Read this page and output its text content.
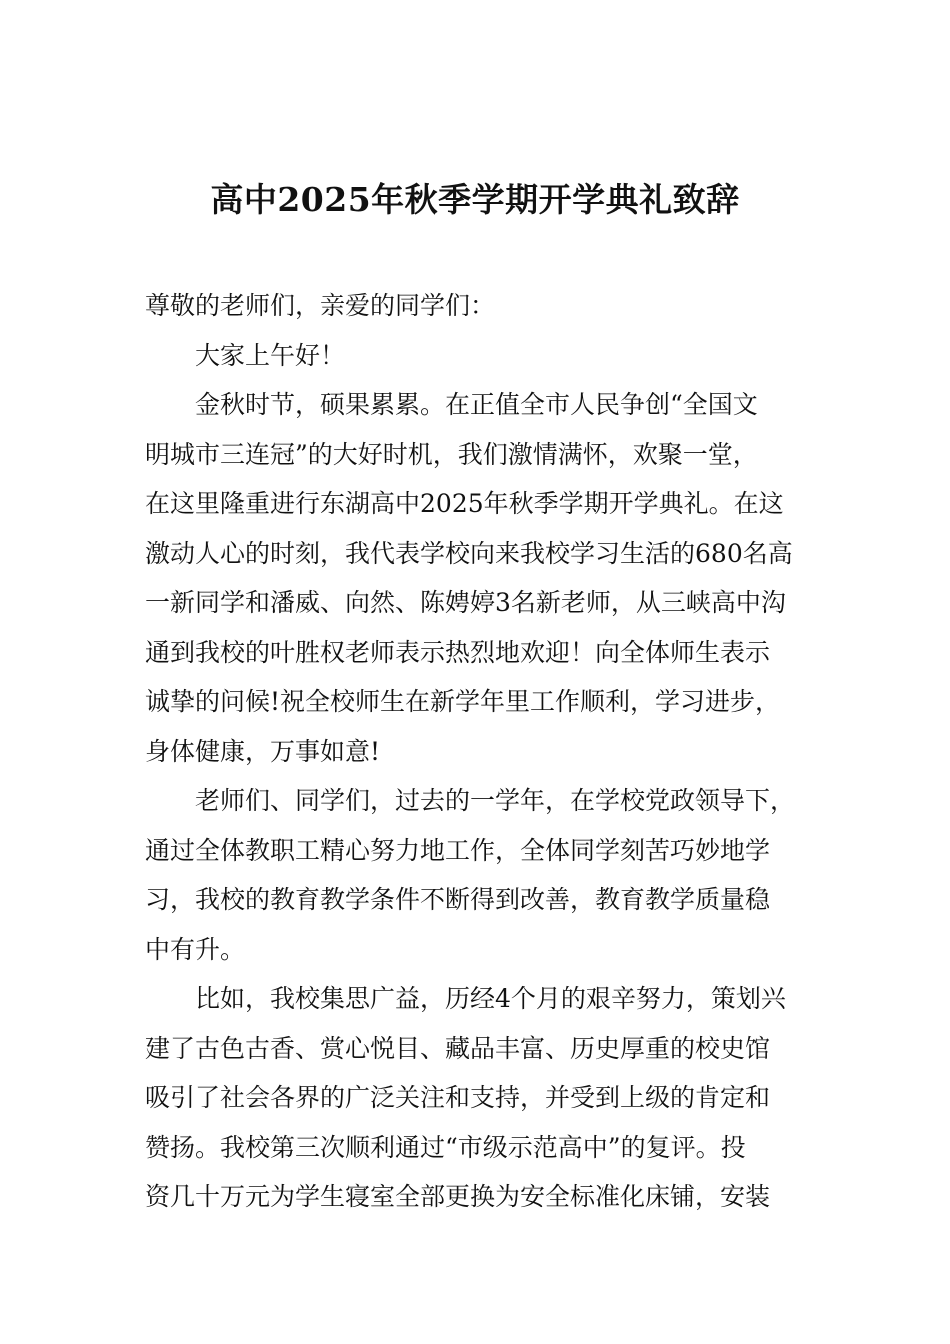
高中2025年秋季学期开学典礼致辞
尊敬的老师们，亲爱的同学们：
大家上午好！
金秋时节，硕果累累。在正值全市人民争创“全国文
明城市三连冠”的大好时机，我们激情满怀，欢聚一堂，
在这里隆重进行东湖高中2025年秋季学期开学典礼。在这
激动人心的时刻，我代表学校向来我校学习生活的680名高
一新同学和潘威、向然、陈娉婷3名新老师，从三峡高中沟
通到我校的叶胜权老师表示热烈地欢迎！向全体师生表示
诚挚的问候!祝全校师生在新学年里工作顺利，学习进步，
身体健康，万事如意!
老师们、同学们，过去的一学年，在学校党政领导下，
通过全体教职工精心努力地工作，全体同学刻苦巧妙地学
习，我校的教育教学条件不断得到改善，教育教学质量稳
中有升。
比如，我校集思广益，历经4个月的艰辛努力，策划兴
建了古色古香、赏心悦目、藏品丰富、历史厚重的校史馆
吸引了社会各界的广泛关注和支持，并受到上级的肯定和
赞扬。我校第三次顺利通过“市级示范高中”的复评。投
资几十万元为学生寝室全部更换为安全标准化床铺，安装
